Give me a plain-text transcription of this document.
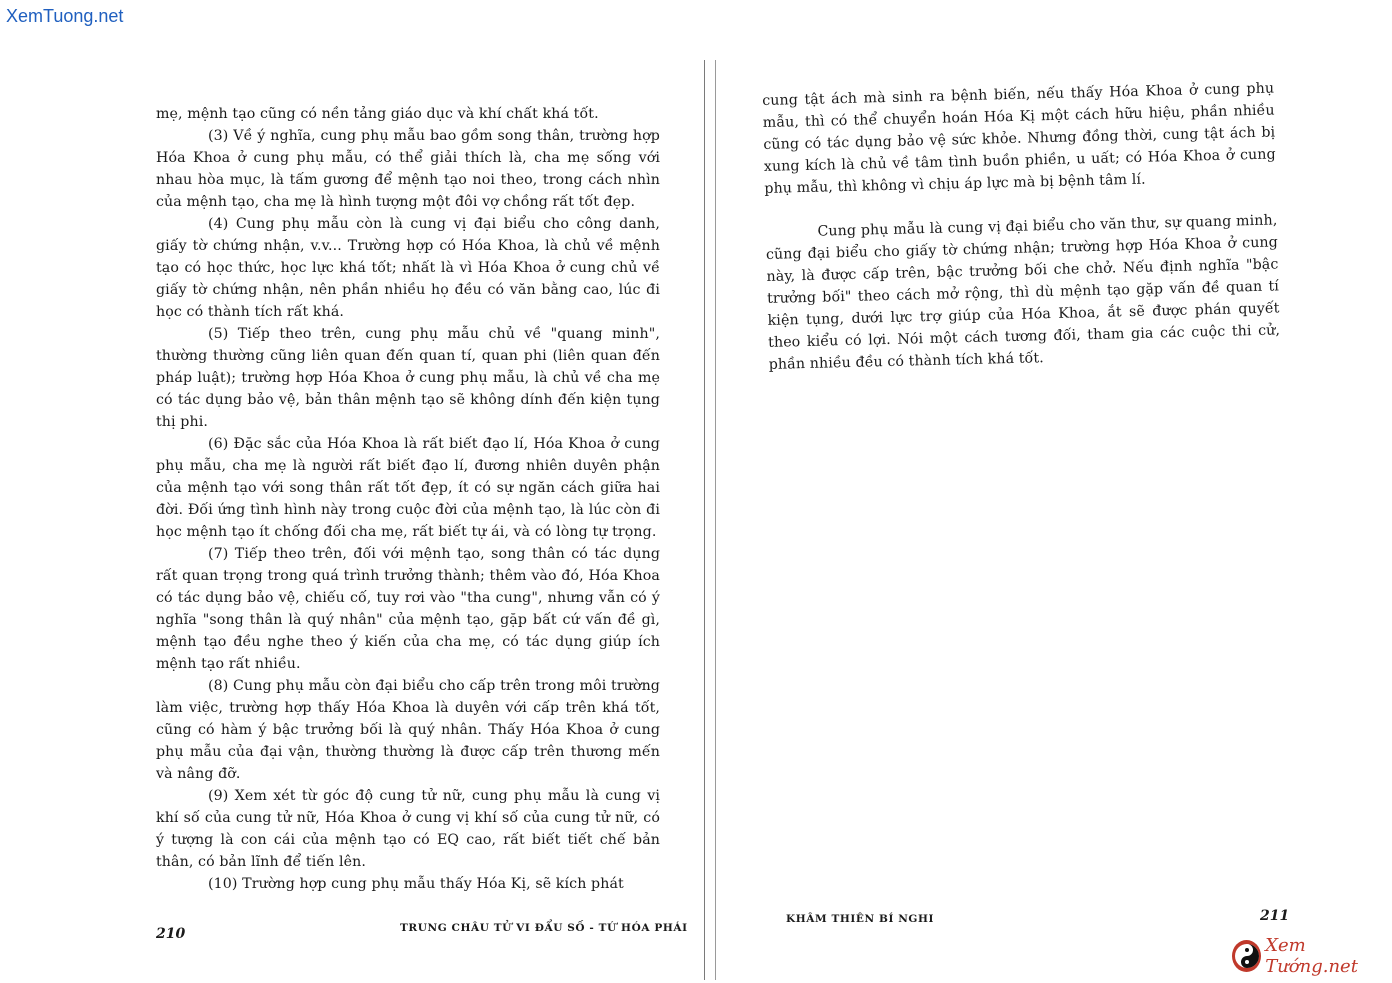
XemTuong.net

mẹ, mệnh tạo cũng có nền tảng giáo dục và khí chất khá tốt.

(3) Về ý nghĩa, cung phụ mẫu bao gồm song thân, trường hợp Hóa Khoa ở cung phụ mẫu, có thể giải thích là, cha mẹ sống với nhau hòa mục, là tấm gương để mệnh tạo noi theo, trong cách nhìn của mệnh tạo, cha mẹ là hình tượng một đôi vợ chồng rất tốt đẹp.

(4) Cung phụ mẫu còn là cung vị đại biểu cho công danh, giấy tờ chứng nhận, v.v... Trường hợp có Hóa Khoa, là chủ về mệnh tạo có học thức, học lực khá tốt; nhất là vì Hóa Khoa ở cung chủ về giấy tờ chứng nhận, nên phần nhiều họ đều có văn bằng cao, lúc đi học có thành tích rất khá.

(5) Tiếp theo trên, cung phụ mẫu chủ về "quang minh", thường thường cũng liên quan đến quan tí, quan phi (liên quan đến pháp luật); trường hợp Hóa Khoa ở cung phụ mẫu, là chủ về cha mẹ có tác dụng bảo vệ, bản thân mệnh tạo sẽ không dính đến kiện tụng thị phi.

(6) Đặc sắc của Hóa Khoa là rất biết đạo lí, Hóa Khoa ở cung phụ mẫu, cha mẹ là người rất biết đạo lí, đương nhiên duyên phận của mệnh tạo với song thân rất tốt đẹp, ít có sự ngăn cách giữa hai đời. Đối ứng tình hình này trong cuộc đời của mệnh tạo, là lúc còn đi học mệnh tạo ít chống đối cha mẹ, rất biết tự ái, và có lòng tự trọng.

(7) Tiếp theo trên, đối với mệnh tạo, song thân có tác dụng rất quan trọng trong quá trình trưởng thành; thêm vào đó, Hóa Khoa có tác dụng bảo vệ, chiếu cố, tuy rơi vào "tha cung", nhưng vẫn có ý nghĩa "song thân là quý nhân" của mệnh tạo, gặp bất cứ vấn đề gì, mệnh tạo đều nghe theo ý kiến của cha mẹ, có tác dụng giúp ích mệnh tạo rất nhiều.

(8) Cung phụ mẫu còn đại biểu cho cấp trên trong môi trường làm việc, trường hợp thấy Hóa Khoa là duyên với cấp trên khá tốt, cũng có hàm ý bậc trưởng bối là quý nhân. Thấy Hóa Khoa ở cung phụ mẫu của đại vận, thường thường là được cấp trên thương mến và nâng đỡ.

(9) Xem xét từ góc độ cung tử nữ, cung phụ mẫu là cung vị khí số của cung tử nữ, Hóa Khoa ở cung vị khí số của cung tử nữ, có ý tượng là con cái của mệnh tạo có EQ cao, rất biết tiết chế bản thân, có bản lĩnh để tiến lên.

(10) Trường hợp cung phụ mẫu thấy Hóa Kị, sẽ kích phát

210	TRUNG CHÂU TỬ VI ĐẨU SỐ - TỨ HÓA PHÁI

cung tật ách mà sinh ra bệnh biến, nếu thấy Hóa Khoa ở cung phụ mẫu, thì có thể chuyển hoán Hóa Kị một cách hữu hiệu, phần nhiều cũng có tác dụng bảo vệ sức khỏe. Nhưng đồng thời, cung tật ách bị xung kích là chủ về tâm tình buồn phiền, u uất; có Hóa Khoa ở cung phụ mẫu, thì không vì chịu áp lực mà bị bệnh tâm lí.

Cung phụ mẫu là cung vị đại biểu cho văn thư, sự quang minh, cũng đại biểu cho giấy tờ chứng nhận; trường hợp Hóa Khoa ở cung này, là được cấp trên, bậc trưởng bối che chở. Nếu định nghĩa "bậc trưởng bối" theo cách mở rộng, thì dù mệnh tạo gặp vấn đề quan tí kiện tụng, dưới lực trợ giúp của Hóa Khoa, ắt sẽ được phán quyết theo kiểu có lợi. Nói một cách tương đối, tham gia các cuộc thi cử, phần nhiều đều có thành tích khá tốt.

KHÂM THIÊN BÍ NGHI	211
Xem Tướng.net
